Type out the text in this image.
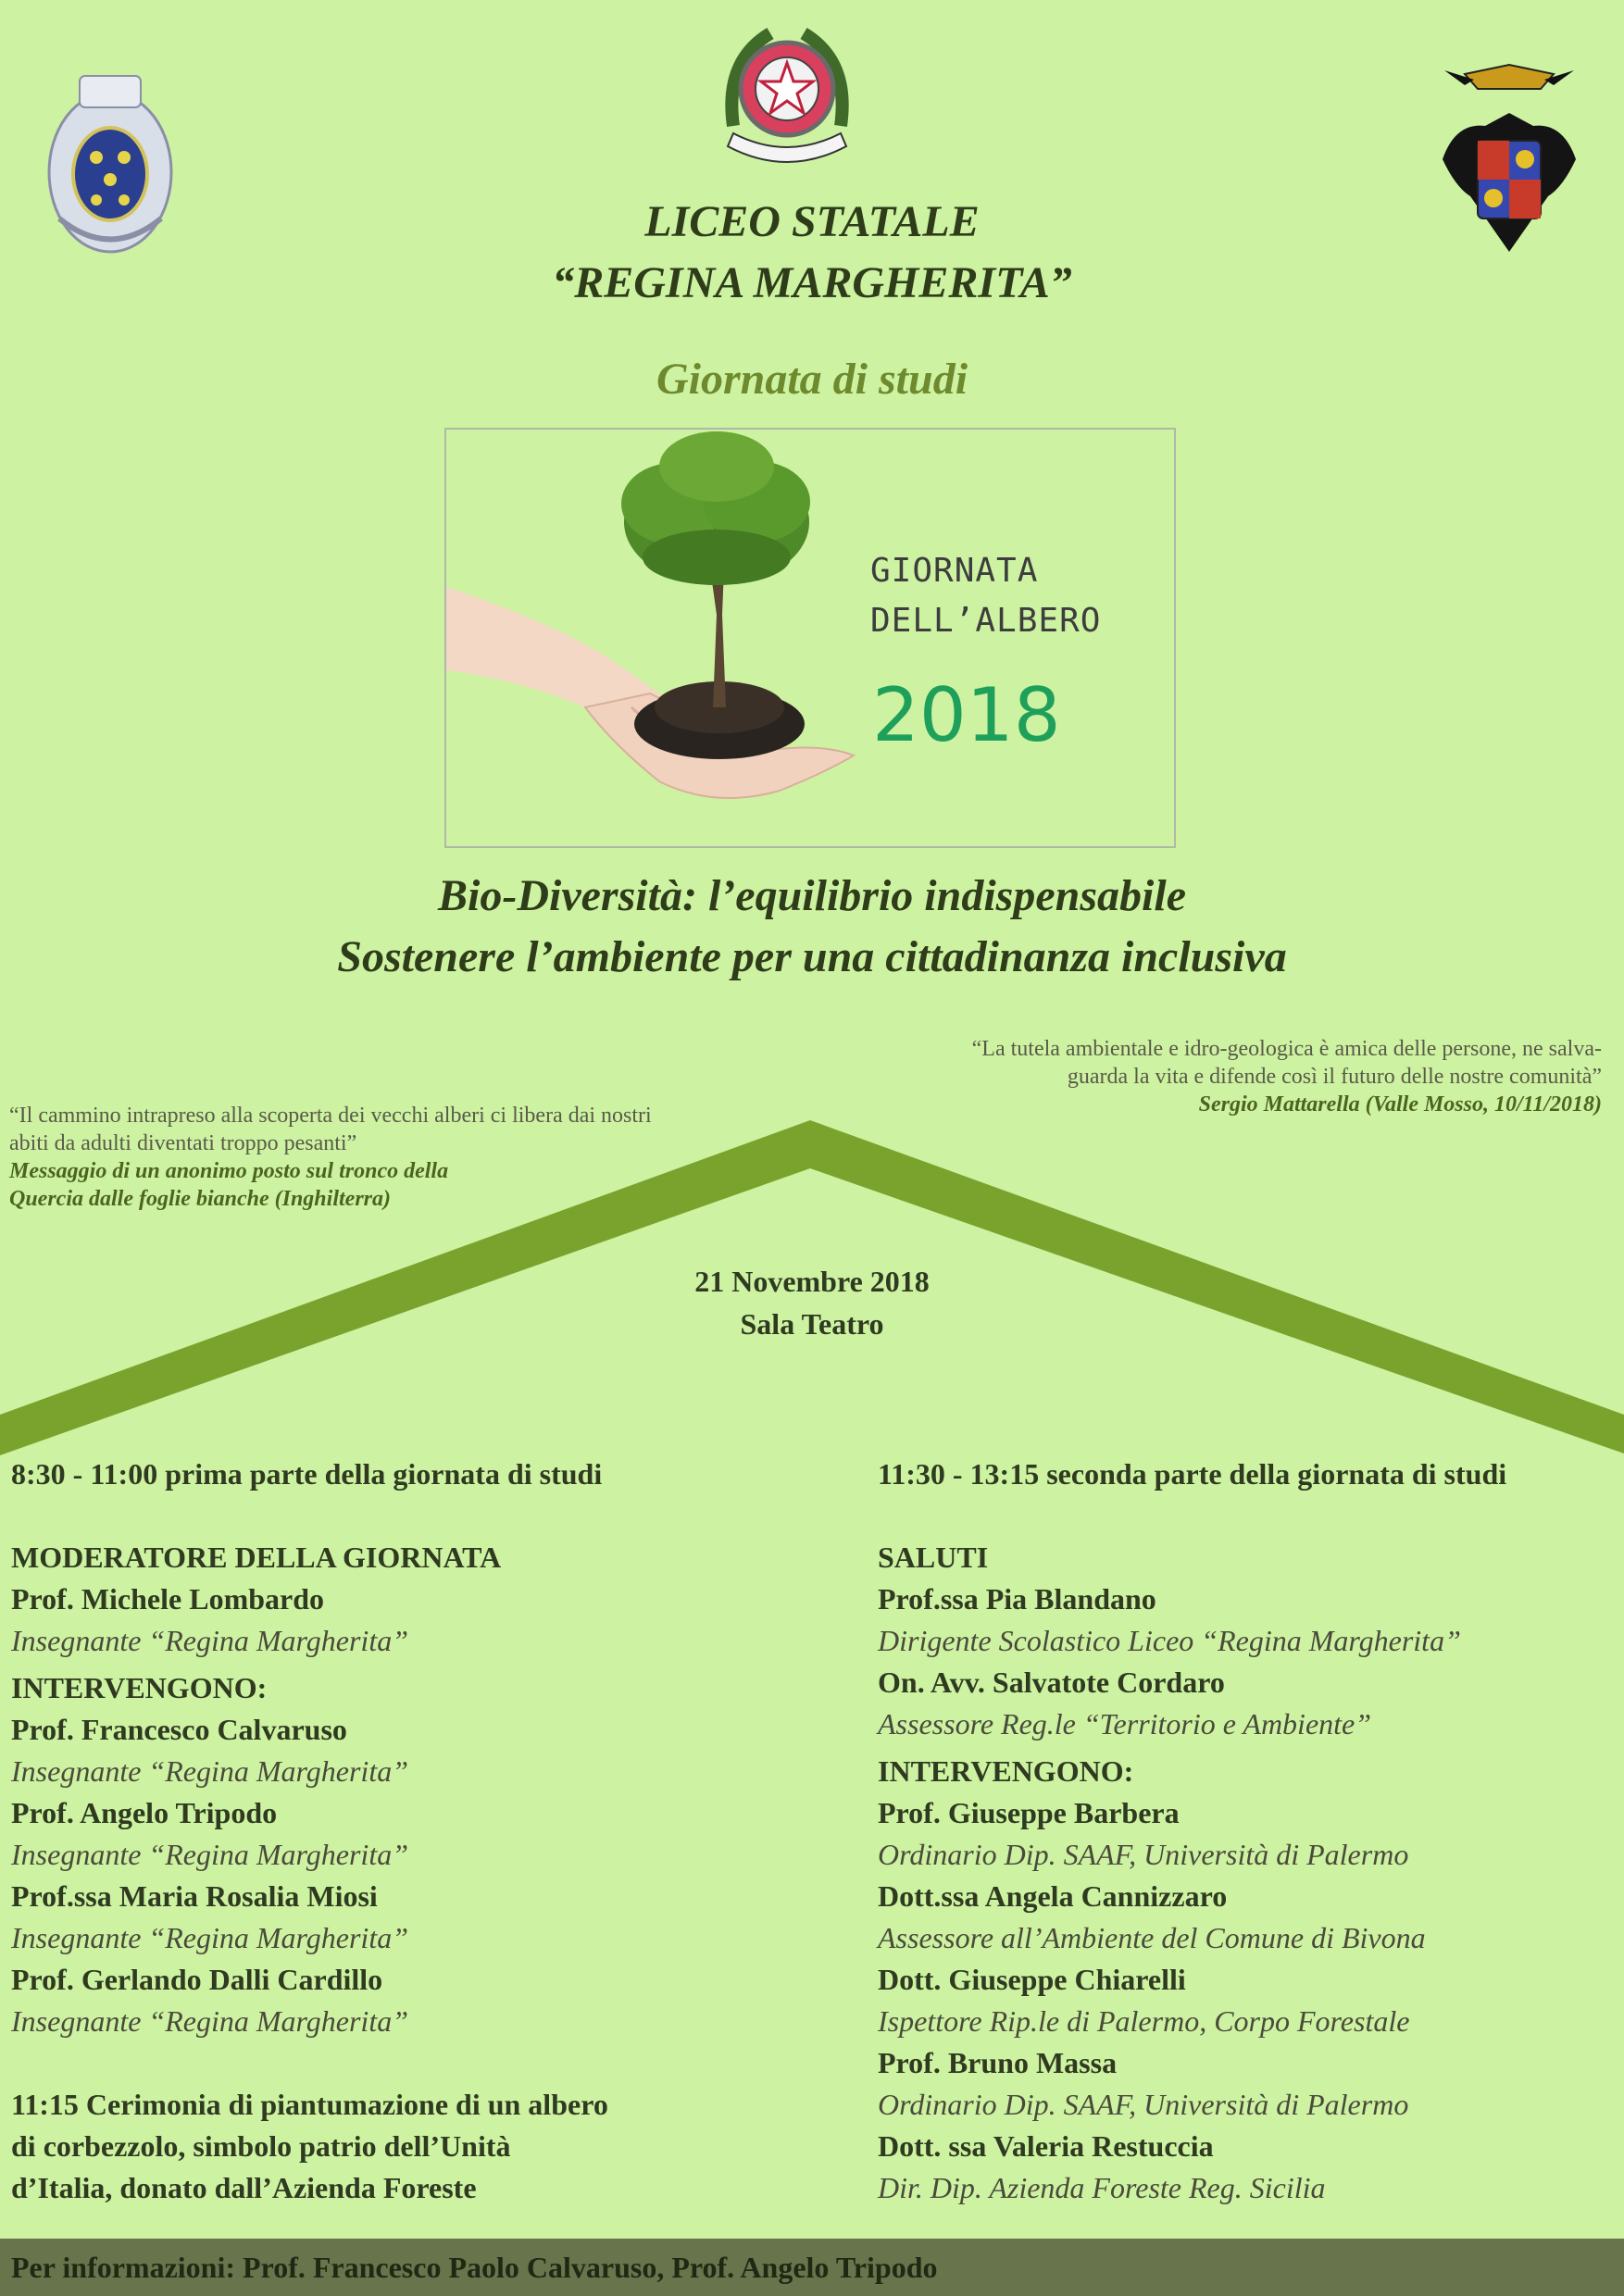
LICEO STATALE
“REGINA MARGHERITA”
Giornata di studi
GIORNATA
DELL’ALBERO
2018
Bio-Diversità: l’equilibrio indispensabile
Sostenere l’ambiente per una cittadinanza inclusiva
“La tutela ambientale e idro-geologica è amica delle persone, ne salva-
guarda la vita e difende così il futuro delle nostre comunità”
Sergio Mattarella (Valle Mosso, 10/11/2018)
“Il cammino intrapreso alla scoperta dei vecchi alberi ci libera dai nostri
abiti da adulti diventati troppo pesanti”
Messaggio di un anonimo posto sul tronco della
Quercia dalle foglie bianche (Inghilterra)
21 Novembre 2018
Sala Teatro
8:30 - 11:00 prima parte della giornata di studi
MODERATORE DELLA GIORNATA
Prof. Michele Lombardo
Insegnante “Regina Margherita”
INTERVENGONO:
Prof. Francesco Calvaruso
Insegnante “Regina Margherita”
Prof. Angelo Tripodo
Insegnante “Regina Margherita”
Prof.ssa Maria Rosalia Miosi
Insegnante “Regina Margherita”
Prof. Gerlando Dalli Cardillo
Insegnante “Regina Margherita”
11:15 Cerimonia di piantumazione di un albero
di corbezzolo, simbolo patrio dell’Unità
d’Italia, donato dall’Azienda Foreste
11:30 - 13:15 seconda parte della giornata di studi
SALUTI
Prof.ssa Pia Blandano
Dirigente Scolastico Liceo “Regina Margherita”
On. Avv. Salvatote Cordaro
Assessore Reg.le “Territorio e Ambiente”
INTERVENGONO:
Prof. Giuseppe Barbera
Ordinario Dip. SAAF, Università di Palermo
Dott.ssa Angela Cannizzaro
Assessore all’Ambiente del Comune di Bivona
Dott. Giuseppe Chiarelli
Ispettore Rip.le di Palermo, Corpo Forestale
Prof. Bruno Massa
Ordinario Dip. SAAF, Università di Palermo
Dott. ssa Valeria Restuccia
Dir. Dip. Azienda Foreste Reg. Sicilia
Per informazioni: Prof. Francesco Paolo Calvaruso, Prof. Angelo Tripodo
